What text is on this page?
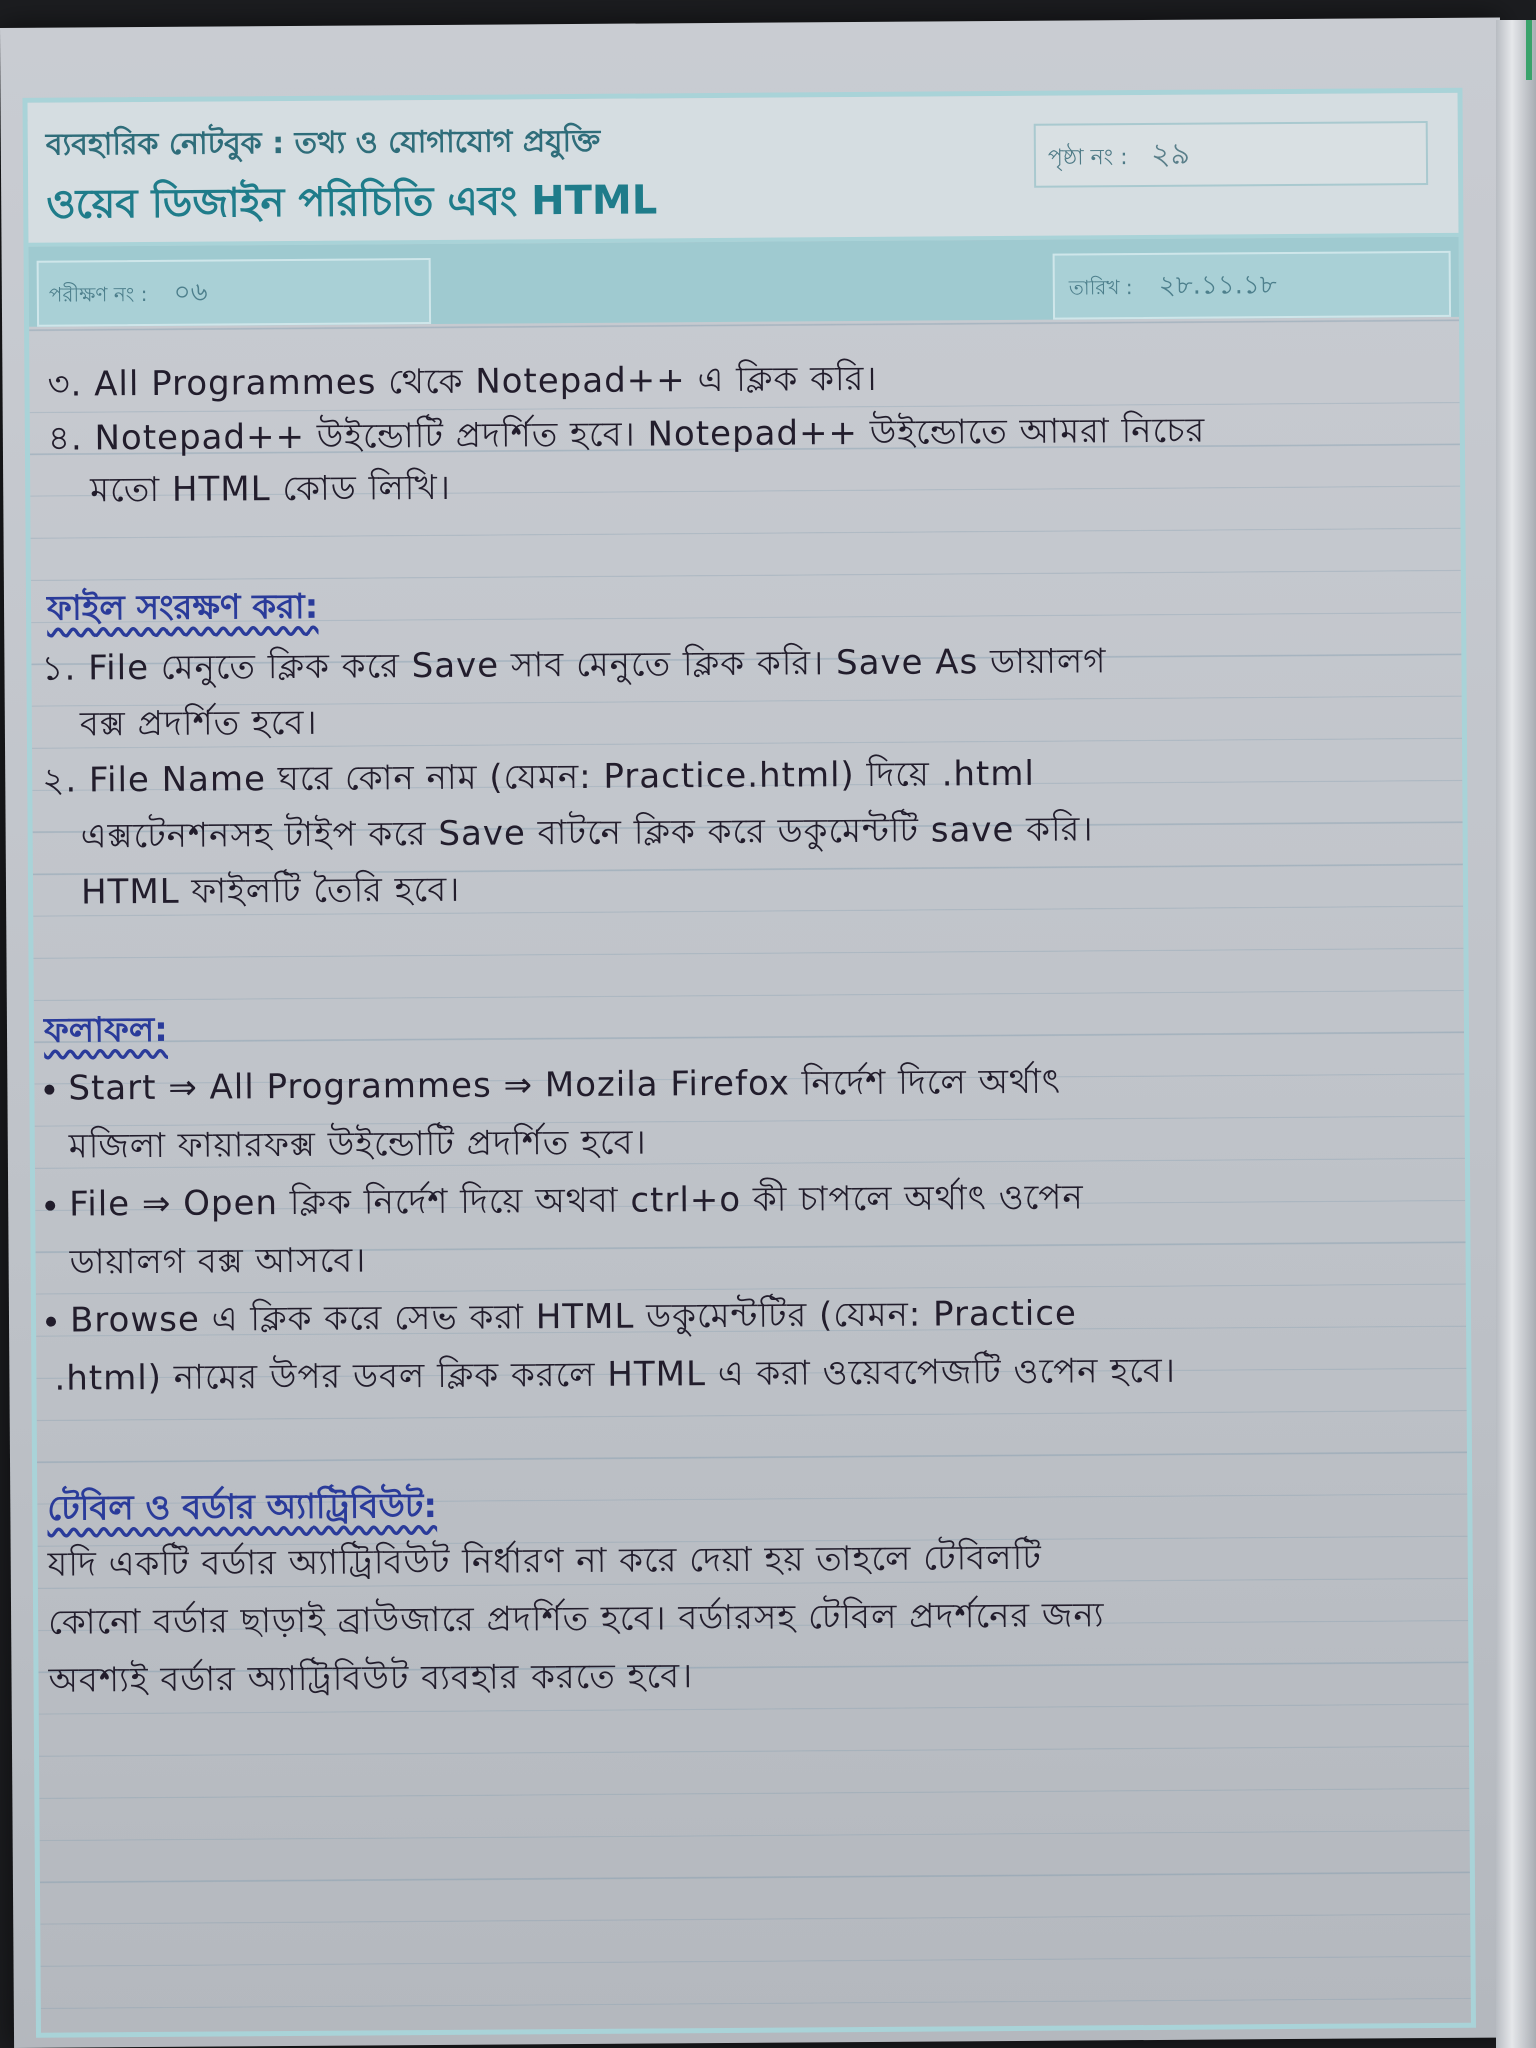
ব্যবহারিক নোটবুক : তথ্য ও যোগাযোগ প্রযুক্তি
ওয়েব ডিজাইন পরিচিতি এবং HTML
পৃষ্ঠা নং : ২৯
পরীক্ষণ নং : ০৬	তারিখ : ২৮.১১.১৮
৩. All Programmes থেকে Notepad++ এ ক্লিক করি।
৪. Notepad++ উইন্ডোটি প্রদর্শিত হবে। Notepad++ উইন্ডোতে আমরা নিচের
মতো HTML কোড লিখি।
ফাইল সংরক্ষণ করা:
১. File মেনুতে ক্লিক করে Save সাব মেনুতে ক্লিক করি। Save As ডায়ালগ
বক্স প্রদর্শিত হবে।
২. File Name ঘরে কোন নাম (যেমন: Practice.html) দিয়ে .html
এক্সটেনশনসহ টাইপ করে Save বাটনে ক্লিক করে ডকুমেন্টটি save করি।
HTML ফাইলটি তৈরি হবে।
ফলাফল:
Start ⇒ All Programmes ⇒ Mozila Firefox নির্দেশ দিলে অর্থাৎ
মজিলা ফায়ারফক্স উইন্ডোটি প্রদর্শিত হবে।
File ⇒ Open ক্লিক নির্দেশ দিয়ে অথবা ctrl+o কী চাপলে অর্থাৎ ওপেন
ডায়ালগ বক্স আসবে।
Browse এ ক্লিক করে সেভ করা HTML ডকুমেন্টটির (যেমন: Practice
.html) নামের উপর ডবল ক্লিক করলে HTML এ করা ওয়েবপেজটি ওপেন হবে।
টেবিল ও বর্ডার অ্যাট্রিবিউট:
যদি একটি বর্ডার অ্যাট্রিবিউট নির্ধারণ না করে দেয়া হয় তাহলে টেবিলটি
কোনো বর্ডার ছাড়াই ব্রাউজারে প্রদর্শিত হবে। বর্ডারসহ টেবিল প্রদর্শনের জন্য
অবশ্যই বর্ডার অ্যাট্রিবিউট ব্যবহার করতে হবে।
